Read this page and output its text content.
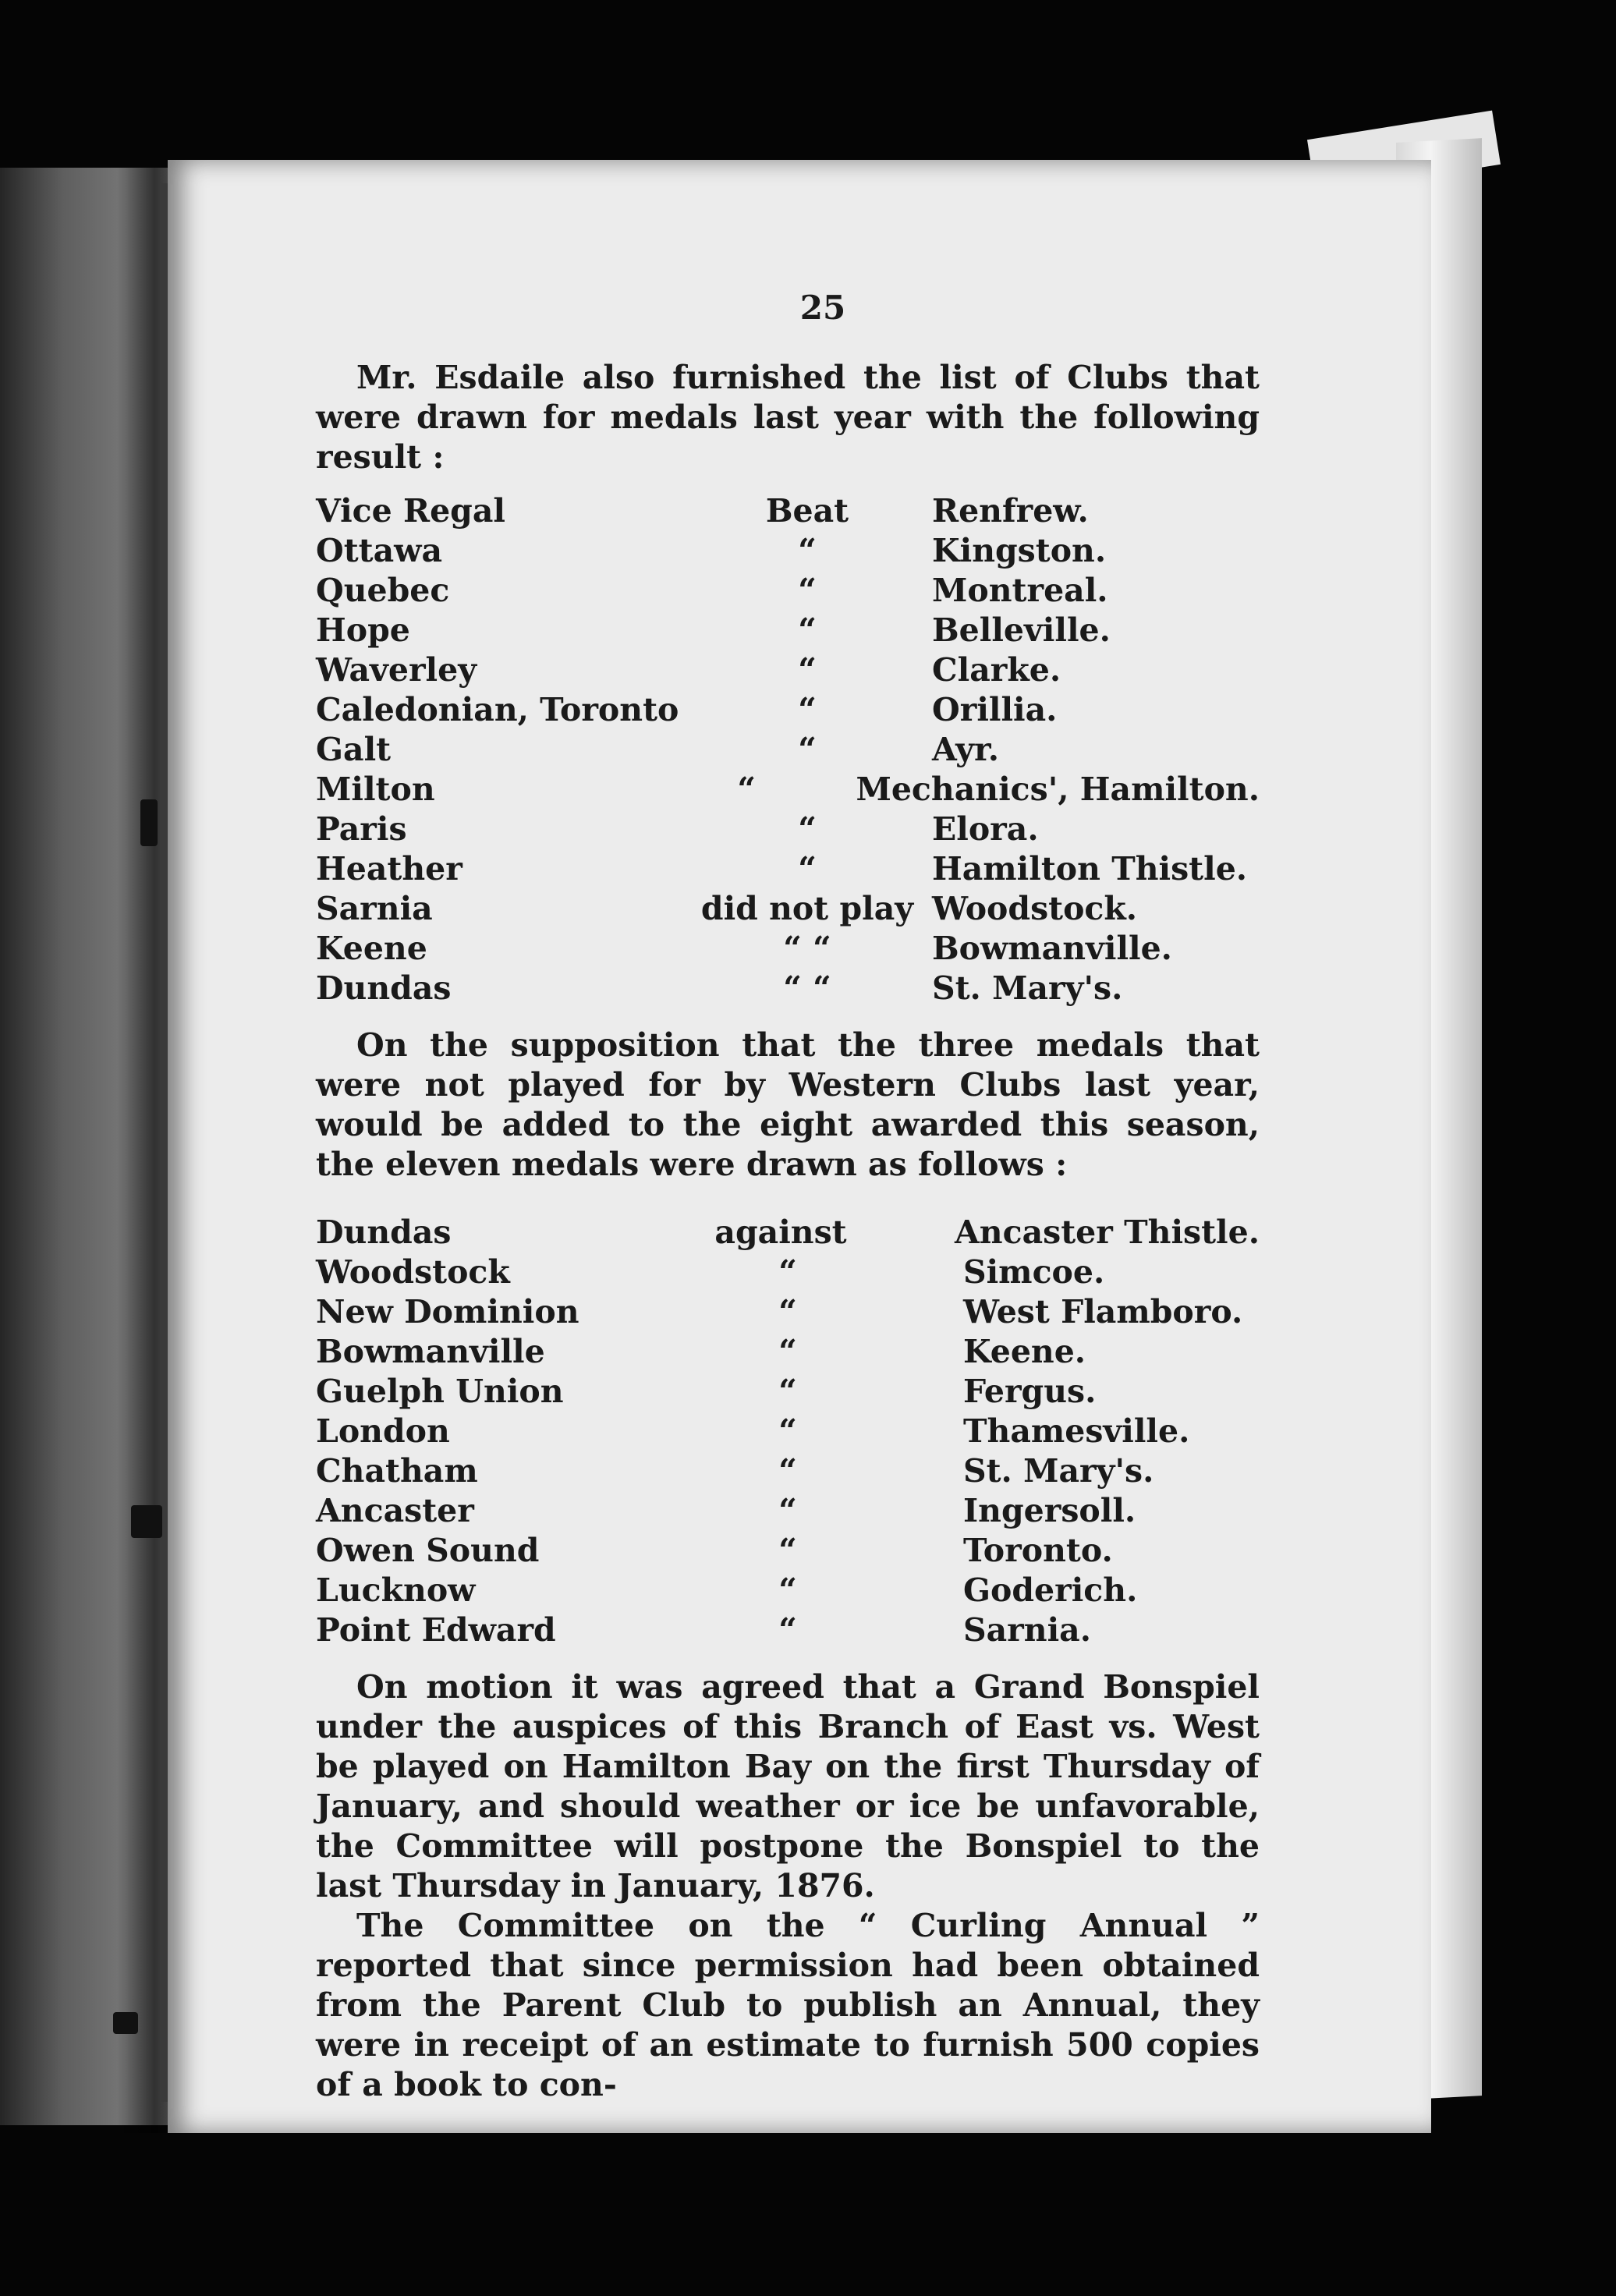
25

Mr. Esdaile also furnished the list of Clubs that were drawn for medals last year with the following result :

Vice Regal	Beat	Renfrew.
Ottawa	“	Kingston.
Quebec	“	Montreal.
Hope	“	Belleville.
Waverley	“	Clarke.
Caledonian, Toronto	“	Orillia.
Galt	“	Ayr.
Milton	“	Mechanics', Hamilton.
Paris	“	Elora.
Heather	“	Hamilton Thistle.
Sarnia	did not play Woodstock.
Keene	“ “	Bowmanville.
Dundas	“ “	St. Mary's.

On the supposition that the three medals that were not played for by Western Clubs last year, would be added to the eight awarded this season, the eleven medals were drawn as follows :

Dundas	against	Ancaster Thistle.
Woodstock	“	Simcoe.
New Dominion	“	West Flamboro.
Bowmanville	“	Keene.
Guelph Union	“	Fergus.
London	“	Thamesville.
Chatham	“	St. Mary's.
Ancaster	“	Ingersoll.
Owen Sound	“	Toronto.
Lucknow	“	Goderich.
Point Edward	“	Sarnia.

On motion it was agreed that a Grand Bonspiel under the auspices of this Branch of East vs. West be played on Hamilton Bay on the first Thursday of January, and should weather or ice be unfavorable, the Committee will postpone the Bonspiel to the last Thursday in January, 1876.

The Committee on the “ Curling Annual ” reported that since permission had been obtained from the Parent Club to publish an Annual, they were in receipt of an estimate to furnish 500 copies of a book to con-
